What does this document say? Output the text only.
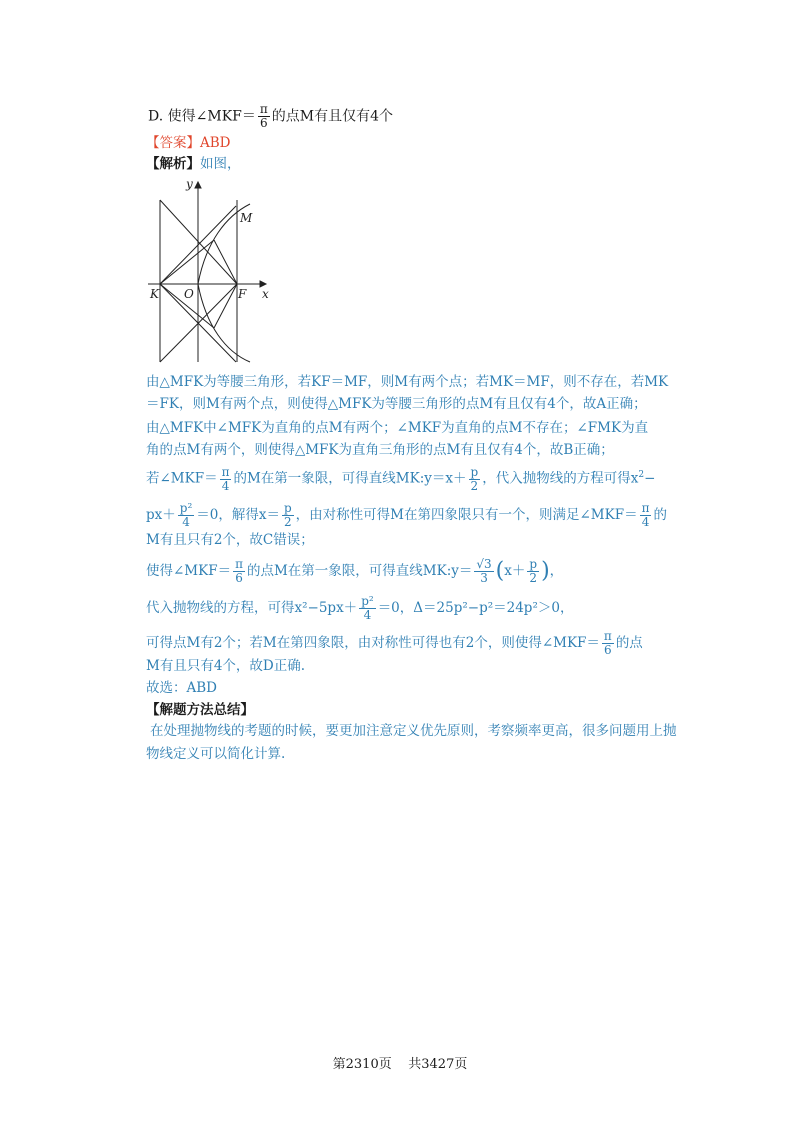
D. 使得∠MKF＝ $\frac{\pi}{6}$ 的点M有且仅有4个
【答案】ABD
【解析】如图，
y
M
K O	F x
由△MFK为等腰三角形，若KF＝MF，则M有两个点；若MK＝MF，则不存在，若MK
＝FK，则M有两个点，则使得△MFK为等腰三角形的点M有且仅有4个，故A正确；
由△MFK中∠MFK为直角的点M有两个；∠MKF为直角的点M不存在；∠FMK为直
角的点M有两个，则使得△MFK为直角三角形的点M有且仅有4个，故B正确；
若∠MKF＝ $\frac{\pi}{4}$ 的M在第一象限，可得直线MK:y＝x＋ $\frac{p}{2}$ ，代入抛物线的方程可得$x^2-$
$px+ \frac{\text{p²}}{4} =0$，解得$x= \frac{p}{2}$ ，由对称性可得M在第四象限只有一个，则满足∠MKF＝ $\frac{\pi}{4}$ 的
M有且只有2个，故C错误；
使得∠MKF＝ $\frac{\pi}{6}$ 的点M在第一象限，可得直线MK:y＝ $\frac{√3}{3} (x+ \frac{p}{2}$ )，
代入抛物线的方程，可得$x^2-5px+ \frac{\text{p²}}{4} =0$，Δ＝25p²−p²＝24p²＞0，
可得点M有2个；若M在第四象限，由对称性可得也有2个，则使得∠MKF＝ $\frac{\pi}{6}$ 的点
M有且只有4个，故D正确.
故选：ABD
【解题方法总结】
在处理抛物线的考题的时候，要更加注意定义优先原则，考察频率更高，很多问题用上抛
物线定义可以简化计算.
第2310页 共3427页
